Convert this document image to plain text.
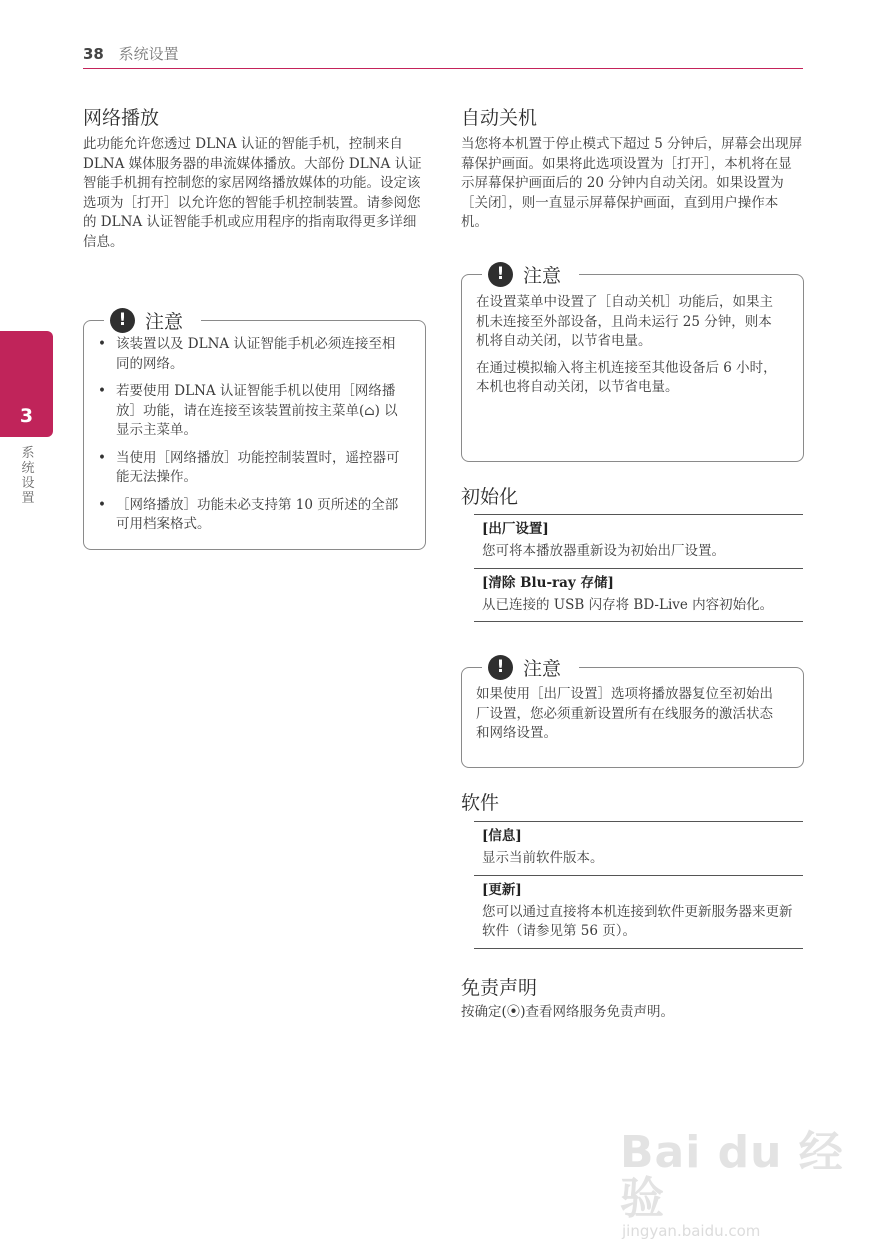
38 系统设置
3
系统设置
网络播放
此功能允许您透过 DLNA 认证的智能手机，控制来自 DLNA 媒体服务器的串流媒体播放。大部份 DLNA 认证智能手机拥有控制您的家居网络播放媒体的功能。设定该选项为［打开］以允许您的智能手机控制装置。请参阅您的 DLNA 认证智能手机或应用程序的指南取得更多详细信息。
! 注意
• 该装置以及 DLNA 认证智能手机必须连接至相同的网络。
• 若要使用 DLNA 认证智能手机以使用［网络播放］功能，请在连接至该装置前按主菜单(⌂) 以显示主菜单。
• 当使用［网络播放］功能控制装置时，遥控器可能无法操作。
• ［网络播放］功能未必支持第 10 页所述的全部可用档案格式。
自动关机
当您将本机置于停止模式下超过 5 分钟后，屏幕会出现屏幕保护画面。如果将此选项设置为［打开］，本机将在显示屏幕保护画面后的 20 分钟内自动关闭。如果设置为［关闭］，则一直显示屏幕保护画面，直到用户操作本机。
! 注意

在设置菜单中设置了［自动关机］功能后，如果主机未连接至外部设备，且尚未运行 25 分钟，则本机将自动关闭，以节省电量。

在通过模拟输入将主机连接至其他设备后 6 小时，本机也将自动关闭，以节省电量。

初始化
[出厂设置]
您可将本播放器重新设为初始出厂设置。
[清除 Blu-ray 存储]
从已连接的 USB 闪存将 BD-Live 内容初始化。
! 注意

如果使用［出厂设置］选项将播放器复位至初始出厂设置，您必须重新设置所有在线服务的激活状态和网络设置。

软件
[信息]
显示当前软件版本。
[更新]
您可以通过直接将本机连接到软件更新服务器来更新软件（请参见第 56 页）。
免责声明
按确定(⦿)查看网络服务免责声明。
Bai du 经验
jingyan.baidu.com
